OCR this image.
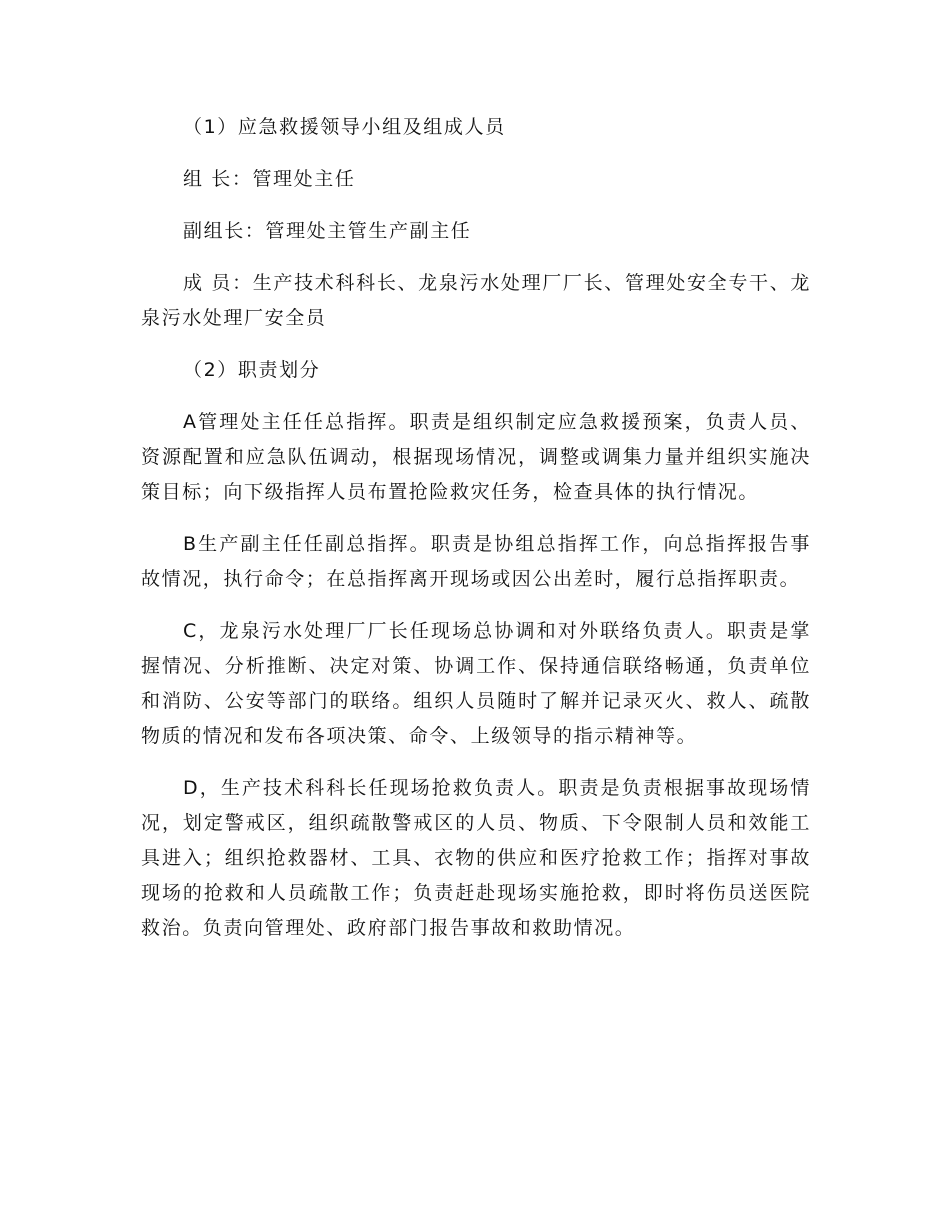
（1）应急救援领导小组及组成人员

组 长：管理处主任

副组长：管理处主管生产副主任

成 员：生产技术科科长、龙泉污水处理厂厂长、管理处安全专干、龙泉污水处理厂安全员

（2）职责划分

A管理处主任任总指挥。职责是组织制定应急救援预案，负责人员、资源配置和应急队伍调动，根据现场情况，调整或调集力量并组织实施决策目标；向下级指挥人员布置抢险救灾任务，检查具体的执行情况。

B生产副主任任副总指挥。职责是协组总指挥工作，向总指挥报告事故情况，执行命令；在总指挥离开现场或因公出差时，履行总指挥职责。

C，龙泉污水处理厂厂长任现场总协调和对外联络负责人。职责是掌握情况、分析推断、决定对策、协调工作、保持通信联络畅通，负责单位和消防、公安等部门的联络。组织人员随时了解并记录灭火、救人、疏散物质的情况和发布各项决策、命令、上级领导的指示精神等。

D，生产技术科科长任现场抢救负责人。职责是负责根据事故现场情况，划定警戒区，组织疏散警戒区的人员、物质、下令限制人员和效能工具进入；组织抢救器材、工具、衣物的供应和医疗抢救工作；指挥对事故现场的抢救和人员疏散工作；负责赶赴现场实施抢救，即时将伤员送医院救治。负责向管理处、政府部门报告事故和救助情况。
